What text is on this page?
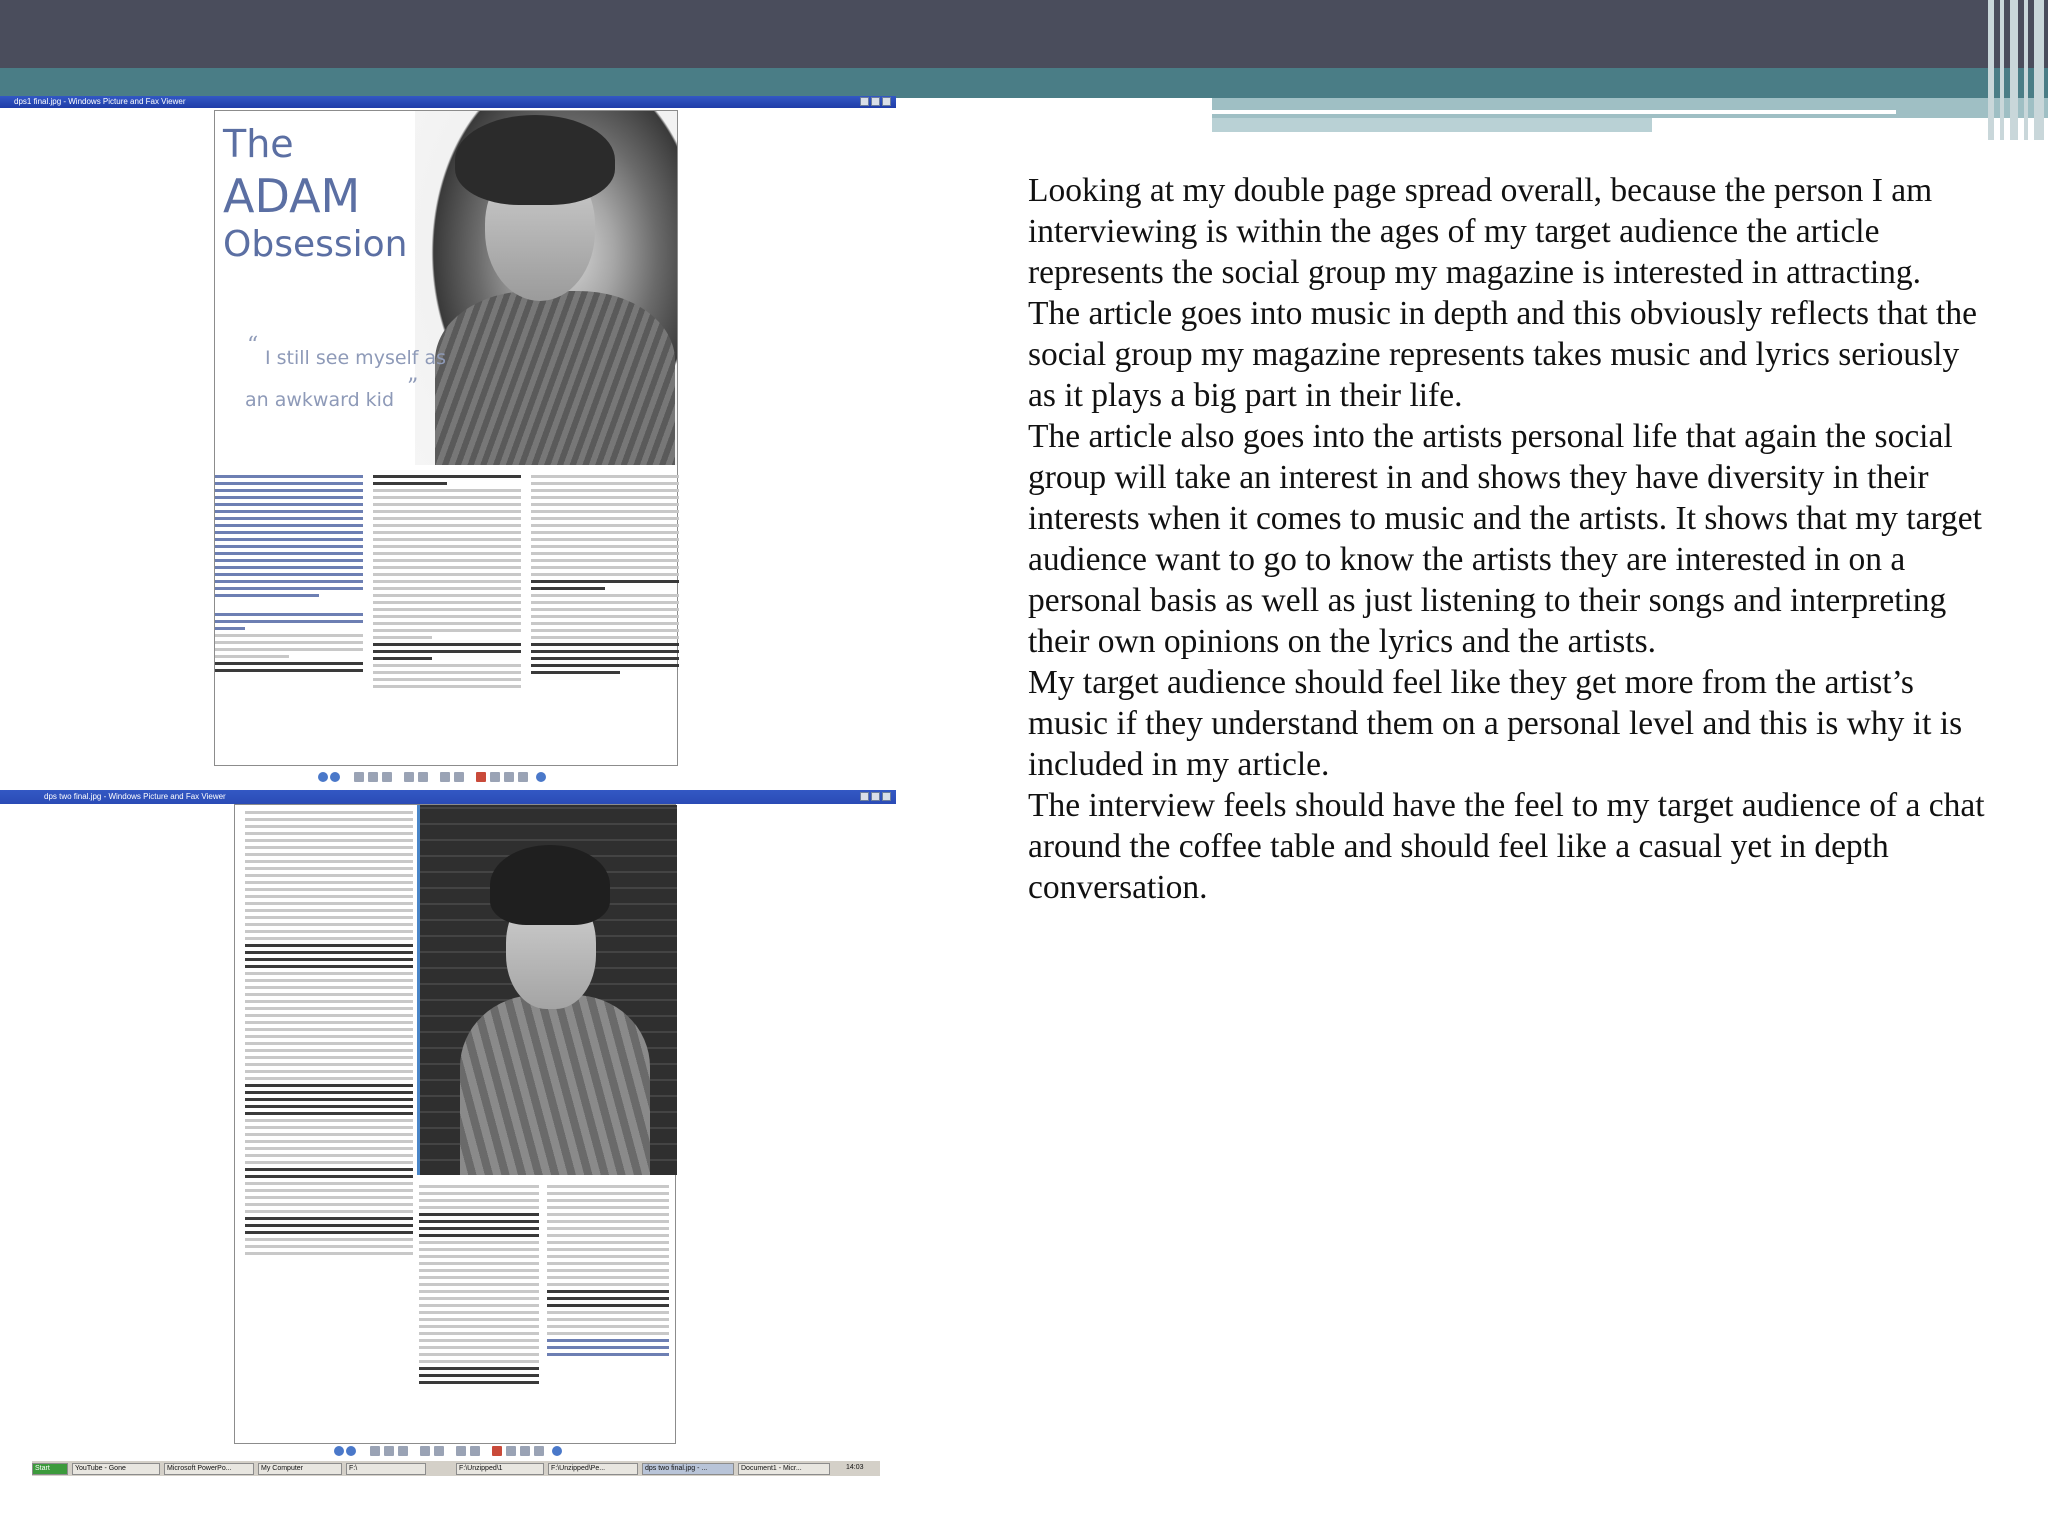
dps1 final.jpg - Windows Picture and Fax Viewer
The
ADAM
Obsession
“ I still see myself as
”
an awkward kid
dps two final.jpg - Windows Picture and Fax Viewer
Start	YouTube - Gone	Microsoft PowerPo...	My Computer	F:\	F:\Unzipped\1	F:\Unzipped\Pe...	dps two final.jpg - ...	Document1 - Micr...	14:03

Looking at my double page spread overall, because the person I am interviewing is within the ages of my target audience the article represents the social group my magazine is interested in attracting.

The article goes into music in depth and this obviously reflects that the social group my magazine represents takes music and lyrics seriously as it plays a big part in their life.

The article also goes into the artists personal life that again the social group will take an interest in and shows they have diversity in their interests when it comes to music and the artists. It shows that my target audience want to go to know the artists they are interested in on a personal basis as well as just listening to their songs and interpreting their own opinions on the lyrics and the artists.

My target audience should feel like they get more from the artist’s music if they understand them on a personal level and this is why it is included in my article.

The interview feels should have the feel to my target audience of a chat around the coffee table and should feel like a casual yet in depth conversation.
